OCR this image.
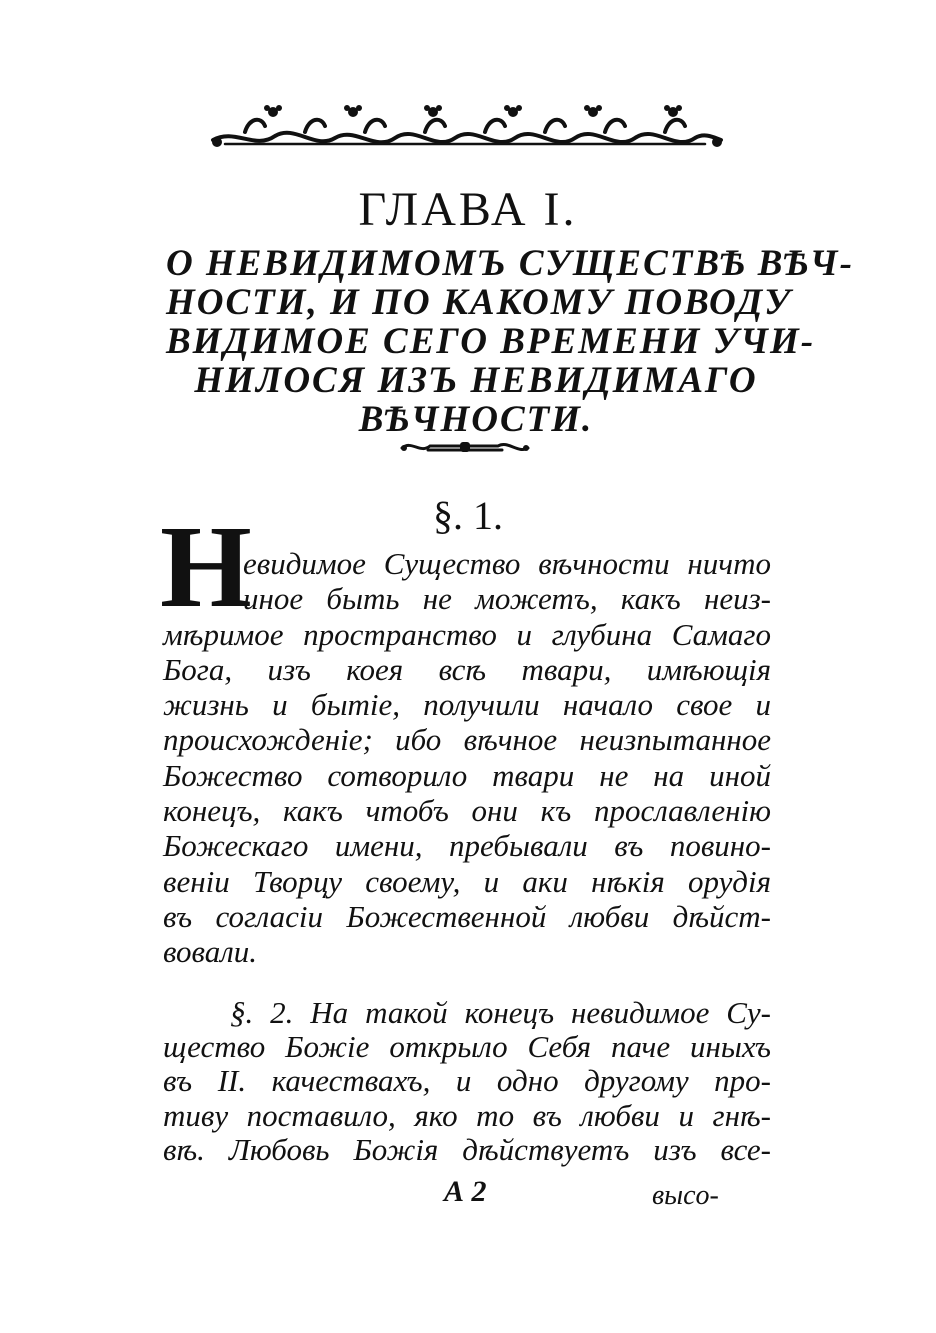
ГЛАВА I.
О НЕВИДИМОМЪ СУЩЕСТВѢ ВѢЧ-
НОСТИ, И ПО КАКОМУ ПОВОДУ
ВИДИМОЕ СЕГО ВРЕМЕНИ УЧИ-
НИЛОСЯ ИЗЪ НЕВИДИМАГО
ВѢЧНОСТИ.
§. 1.
Н
евидимое Существо вѣчности ничто
иное быть не можетъ, какъ неиз-
мѣримое пространство и глубина Самаго
Бога, изъ коея всѣ твари, имѣющія
жизнь и бытіе, получили начало свое и
происхожденіе; ибо вѣчное неизпытанное
Божество сотворило твари не на иной
конецъ, какъ чтобъ они къ прославленію
Божескаго имени, пребывали въ повино-
веніи Творцу своему, и аки нѣкія орудія
въ согласіи Божественной любви дѣйст-
вовали.
§. 2. На такой конецъ невидимое Су-
щество Божіе открыло Себя паче иныхъ
въ II. качествахъ, и одно другому про-
тиву поставило, яко то въ любви и гнѣ-
вѣ. Любовь Божія дѣйствуетъ изъ все-
А 2	выcо-
